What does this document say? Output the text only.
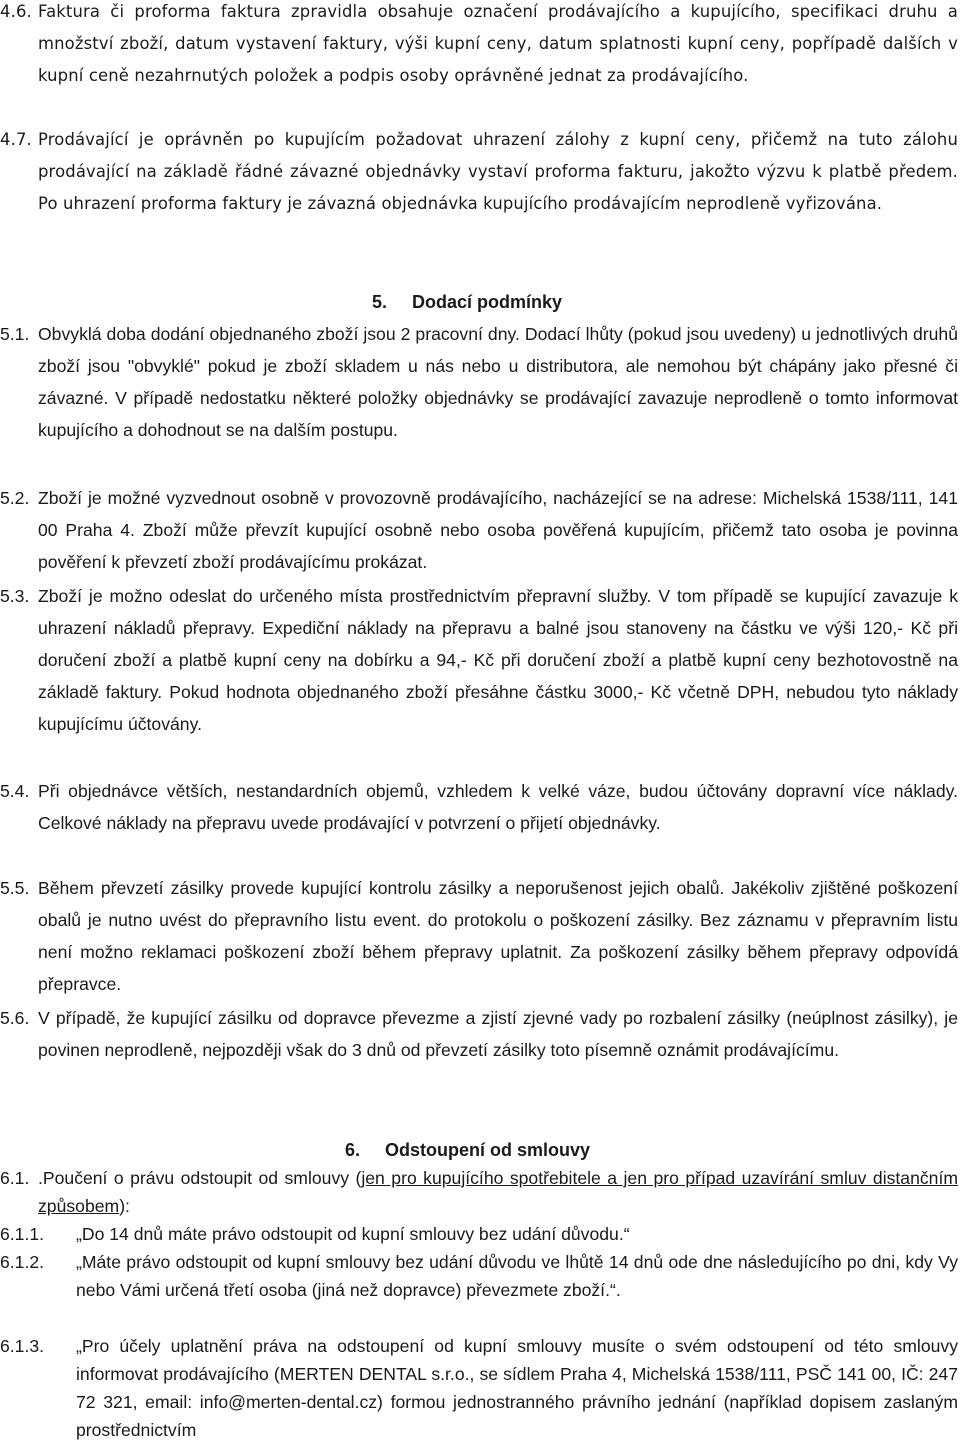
4.6. Faktura či proforma faktura zpravidla obsahuje označení prodávajícího a kupujícího, specifikaci druhu a množství zboží, datum vystavení faktury, výši kupní ceny, datum splatnosti kupní ceny, popřípadě dalších v kupní ceně nezahrnutých položek a podpis osoby oprávněné jednat za prodávajícího.
4.7. Prodávající je oprávněn po kupujícím požadovat uhrazení zálohy z kupní ceny, přičemž na tuto zálohu prodávající na základě řádné závazné objednávky vystaví proforma fakturu, jakožto výzvu k platbě předem. Po uhrazení proforma faktury je závazná objednávka kupujícího prodávajícím neprodleně vyřizována.
5. Dodací podmínky
5.1. Obvyklá doba dodání objednaného zboží jsou 2 pracovní dny. Dodací lhůty (pokud jsou uvedeny) u jednotlivých druhů zboží jsou "obvyklé" pokud je zboží skladem u nás nebo u distributora, ale nemohou být chápány jako přesné či závazné. V případě nedostatku některé položky objednávky se prodávající zavazuje neprodleně o tomto informovat kupujícího a dohodnout se na dalším postupu.
5.2. Zboží je možné vyzvednout osobně v provozovně prodávajícího, nacházející se na adrese: Michelská 1538/111, 141 00 Praha 4. Zboží může převzít kupující osobně nebo osoba pověřená kupujícím, přičemž tato osoba je povinna pověření k převzetí zboží prodávajícímu prokázat.
5.3. Zboží je možno odeslat do určeného místa prostřednictvím přepravní služby. V tom případě se kupující zavazuje k uhrazení nákladů přepravy. Expediční náklady na přepravu a balné jsou stanoveny na částku ve výši 120,- Kč při doručení zboží a platbě kupní ceny na dobírku a 94,- Kč při doručení zboží a platbě kupní ceny bezhotovostně na základě faktury. Pokud hodnota objednaného zboží přesáhne částku 3000,- Kč včetně DPH, nebudou tyto náklady kupujícímu účtovány.
5.4. Při objednávce větších, nestandardních objemů, vzhledem k velké váze, budou účtovány dopravní více náklady. Celkové náklady na přepravu uvede prodávající v potvrzení o přijetí objednávky.
5.5. Během převzetí zásilky provede kupující kontrolu zásilky a neporušenost jejich obalů. Jakékoliv zjištěné poškození obalů je nutno uvést do přepravního listu event. do protokolu o poškození zásilky. Bez záznamu v přepravním listu není možno reklamaci poškození zboží během přepravy uplatnit. Za poškození zásilky během přepravy odpovídá přepravce.
5.6. V případě, že kupující zásilku od dopravce převezme a zjistí zjevné vady po rozbalení zásilky (neúplnost zásilky), je povinen neprodleně, nejpozději však do 3 dnů od převzetí zásilky toto písemně oznámit prodávajícímu.
6. Odstoupení od smlouvy
6.1. .Poučení o právu odstoupit od smlouvy (jen pro kupujícího spotřebitele a jen pro případ uzavírání smluv distančním způsobem):
6.1.1. „Do 14 dnů máte právo odstoupit od kupní smlouvy bez udání důvodu.“
6.1.2. „Máte právo odstoupit od kupní smlouvy bez udání důvodu ve lhůtě 14 dnů ode dne následujícího po dni, kdy Vy nebo Vámi určená třetí osoba (jiná než dopravce) převezmete zboží.“.
6.1.3. „Pro účely uplatnění práva na odstoupení od kupní smlouvy musíte o svém odstoupení od této smlouvy informovat prodávajícího (MERTEN DENTAL s.r.o., se sídlem Praha 4, Michelská 1538/111, PSČ 141 00, IČ: 247 72 321, email: info@merten-dental.cz) formou jednostranného právního jednání (například dopisem zaslaným prostřednictvím
